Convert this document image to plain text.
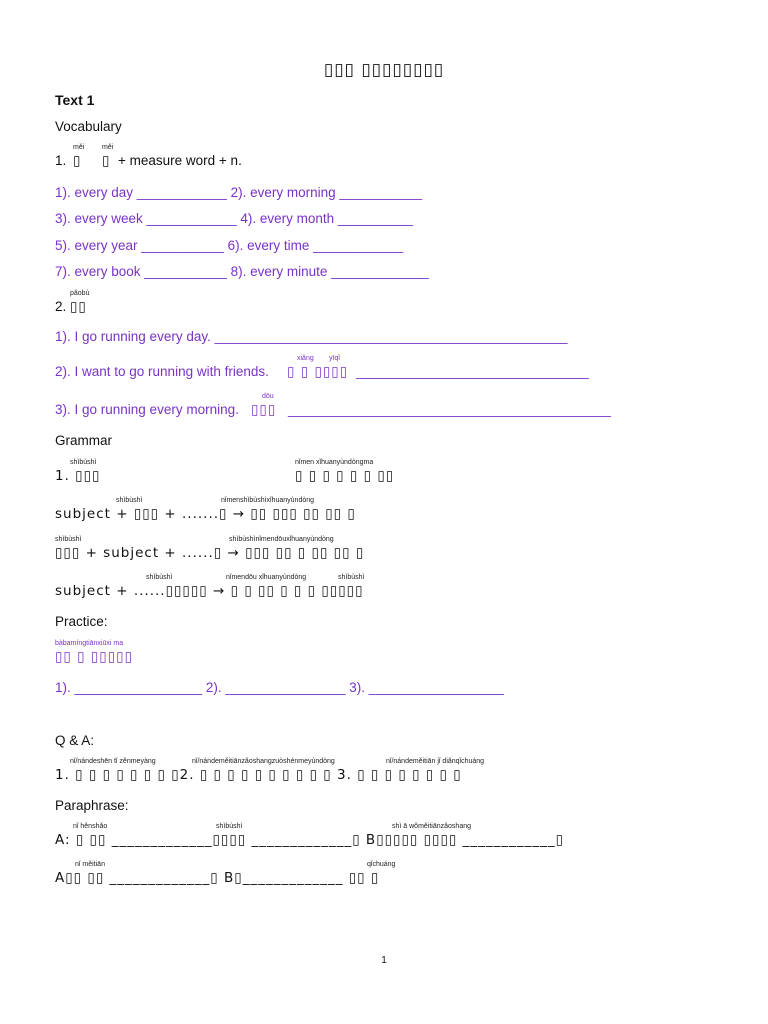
▯▯▯ ▯▯▯▯▯▯▯▯
Text 1
Vocabulary
měi	měi
1. ▯ ▯ + measure word + n.
1). every day ____________ 2). every morning ___________
3). every week ____________ 4). every month __________
5). every year ___________ 6). every time ____________
7). every book ___________ 8). every minute _____________
pǎobù
2. ▯▯
1). I go running every day. _______________________________________________
xiǎng yīqǐ
2). I want to go running with friends. ▯ ▯ ▯▯▯▯ _______________________________
dōu
3). I go running every morning. ▯▯▯ ___________________________________________
Grammar
shìbùshì	nǐmen xǐhuanyùndòngma
1. ▯▯▯	▯ ▯ ▯ ▯ ▯ ▯ ▯▯
shìbùshì	nǐmenshìbùshìxǐhuanyùndòng
subject + ▯▯▯ + .......▯ → ▯▯ ▯▯▯ ▯▯ ▯▯ ▯
shìbùshì	shìbùshìnǐmendōuxǐhuanyùndòng
▯▯▯ + subject + ......▯ → ▯▯▯ ▯▯ ▯ ▯▯ ▯▯ ▯
shìbùshì	nǐmendōu xǐhuanyùndòng	shìbùshì
subject + ......▯▯▯▯▯ → ▯ ▯ ▯▯ ▯ ▯ ▯ ▯▯▯▯▯
Practice:
bàbamíngtiānxiūxi ma
▯▯ ▯ ▯▯▯▯▯
1). _________________ 2). ________________ 3). __________________
Q & A:
nǐ/nándeshēn tǐ zěnmeyàng	nǐ/nándeměitiānzǎoshangzuòshénmeyùndòng	nǐ/nándeměitiān jǐ diǎnqǐchuáng
1. ▯ ▯ ▯ ▯ ▯ ▯ ▯ ▯2. ▯ ▯ ▯ ▯ ▯ ▯ ▯ ▯ ▯ ▯ 3. ▯ ▯ ▯ ▯ ▯ ▯ ▯ ▯
Paraphrase:
nǐ hěnshǎo	shìbùshì	shì ā wǒměitiānzǎoshang
A: ▯ ▯▯ _____________▯▯▯▯ _____________▯ B▯▯▯▯▯ ▯▯▯▯ ____________▯
nǐ měitiān	qǐchuáng
A▯▯ ▯▯ _____________▯ B▯_____________ ▯▯ ▯
1
